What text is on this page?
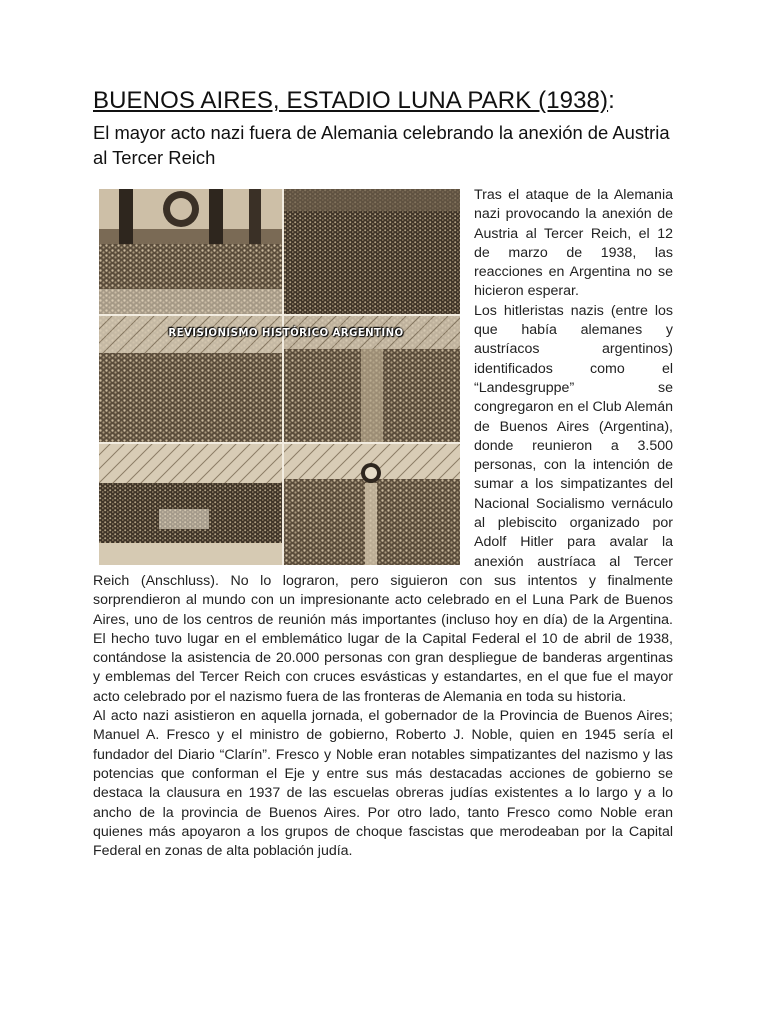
BUENOS AIRES, ESTADIO LUNA PARK (1938):
El mayor acto nazi fuera de Alemania celebrando la anexión de Austria al Tercer Reich
REVISIONISMO HISTÓRICO ARGENTINO

Tras el ataque de la Alemania nazi provocando la anexión de Austria al Tercer Reich, el 12 de marzo de 1938, las reacciones en Argentina no se hicieron esperar.

Los hitleristas nazis (entre los que había alemanes y austríacos argentinos) identificados como el “Landesgruppe” se congregaron en el Club Alemán de Buenos Aires (Argentina), donde reunieron a 3.500 personas, con la intención de sumar a los simpatizantes del Nacional Socialismo vernáculo al plebiscito organizado por Adolf Hitler para avalar la anexión austríaca al Tercer Reich (Anschluss). No lo lograron, pero siguieron con sus intentos y finalmente sorprendieron al mundo con un impresionante acto celebrado en el Luna Park de Buenos Aires, uno de los centros de reunión más importantes (incluso hoy en día) de la Argentina. El hecho tuvo lugar en el emblemático lugar de la Capital Federal el 10 de abril de 1938, contándose la asistencia de 20.000 personas con gran despliegue de banderas argentinas y emblemas del Tercer Reich con cruces esvásticas y estandartes, en el que fue el mayor acto celebrado por el nazismo fuera de las fronteras de Alemania en toda su historia.

Al acto nazi asistieron en aquella jornada, el gobernador de la Provincia de Buenos Aires; Manuel A. Fresco y el ministro de gobierno, Roberto J. Noble, quien en 1945 sería el fundador del Diario “Clarín”. Fresco y Noble eran notables simpatizantes del nazismo y las potencias que conforman el Eje y entre sus más destacadas acciones de gobierno se destaca la clausura en 1937 de las escuelas obreras judías existentes a lo largo y a lo ancho de la provincia de Buenos Aires. Por otro lado, tanto Fresco como Noble eran quienes más apoyaron a los grupos de choque fascistas que merodeaban por la Capital Federal en zonas de alta población judía.
